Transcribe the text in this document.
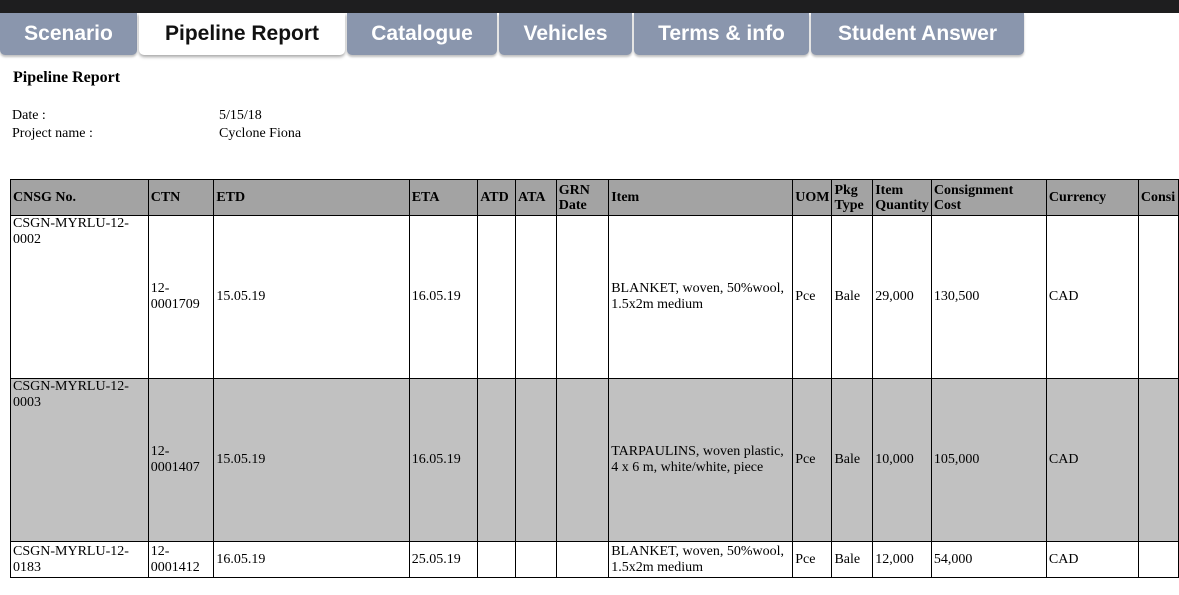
Scenario	Pipeline Report	Catalogue	Vehicles	Terms & info	Student Answer
Pipeline Report
Date :	5/15/18
Project name :	Cyclone Fiona
CNSG No.	CTN	ETD	ETA	ATD	ATA	GRN Date	Item	UOM	Pkg Type	Item Quantity	Consignment Cost	Currency	Consi
CSGN-MYRLU-12-0002	12-0001709	15.05.19	16.05.19				BLANKET, woven, 50%wool, 1.5x2m medium	Pce	Bale	29,000	130,500	CAD	
CSGN-MYRLU-12-0003	12-0001407	15.05.19	16.05.19				TARPAULINS, woven plastic, 4 x 6 m, white/white, piece	Pce	Bale	10,000	105,000	CAD	
CSGN-MYRLU-12-0183	12-0001412	16.05.19	25.05.19				BLANKET, woven, 50%wool, 1.5x2m medium	Pce	Bale	12,000	54,000	CAD	
